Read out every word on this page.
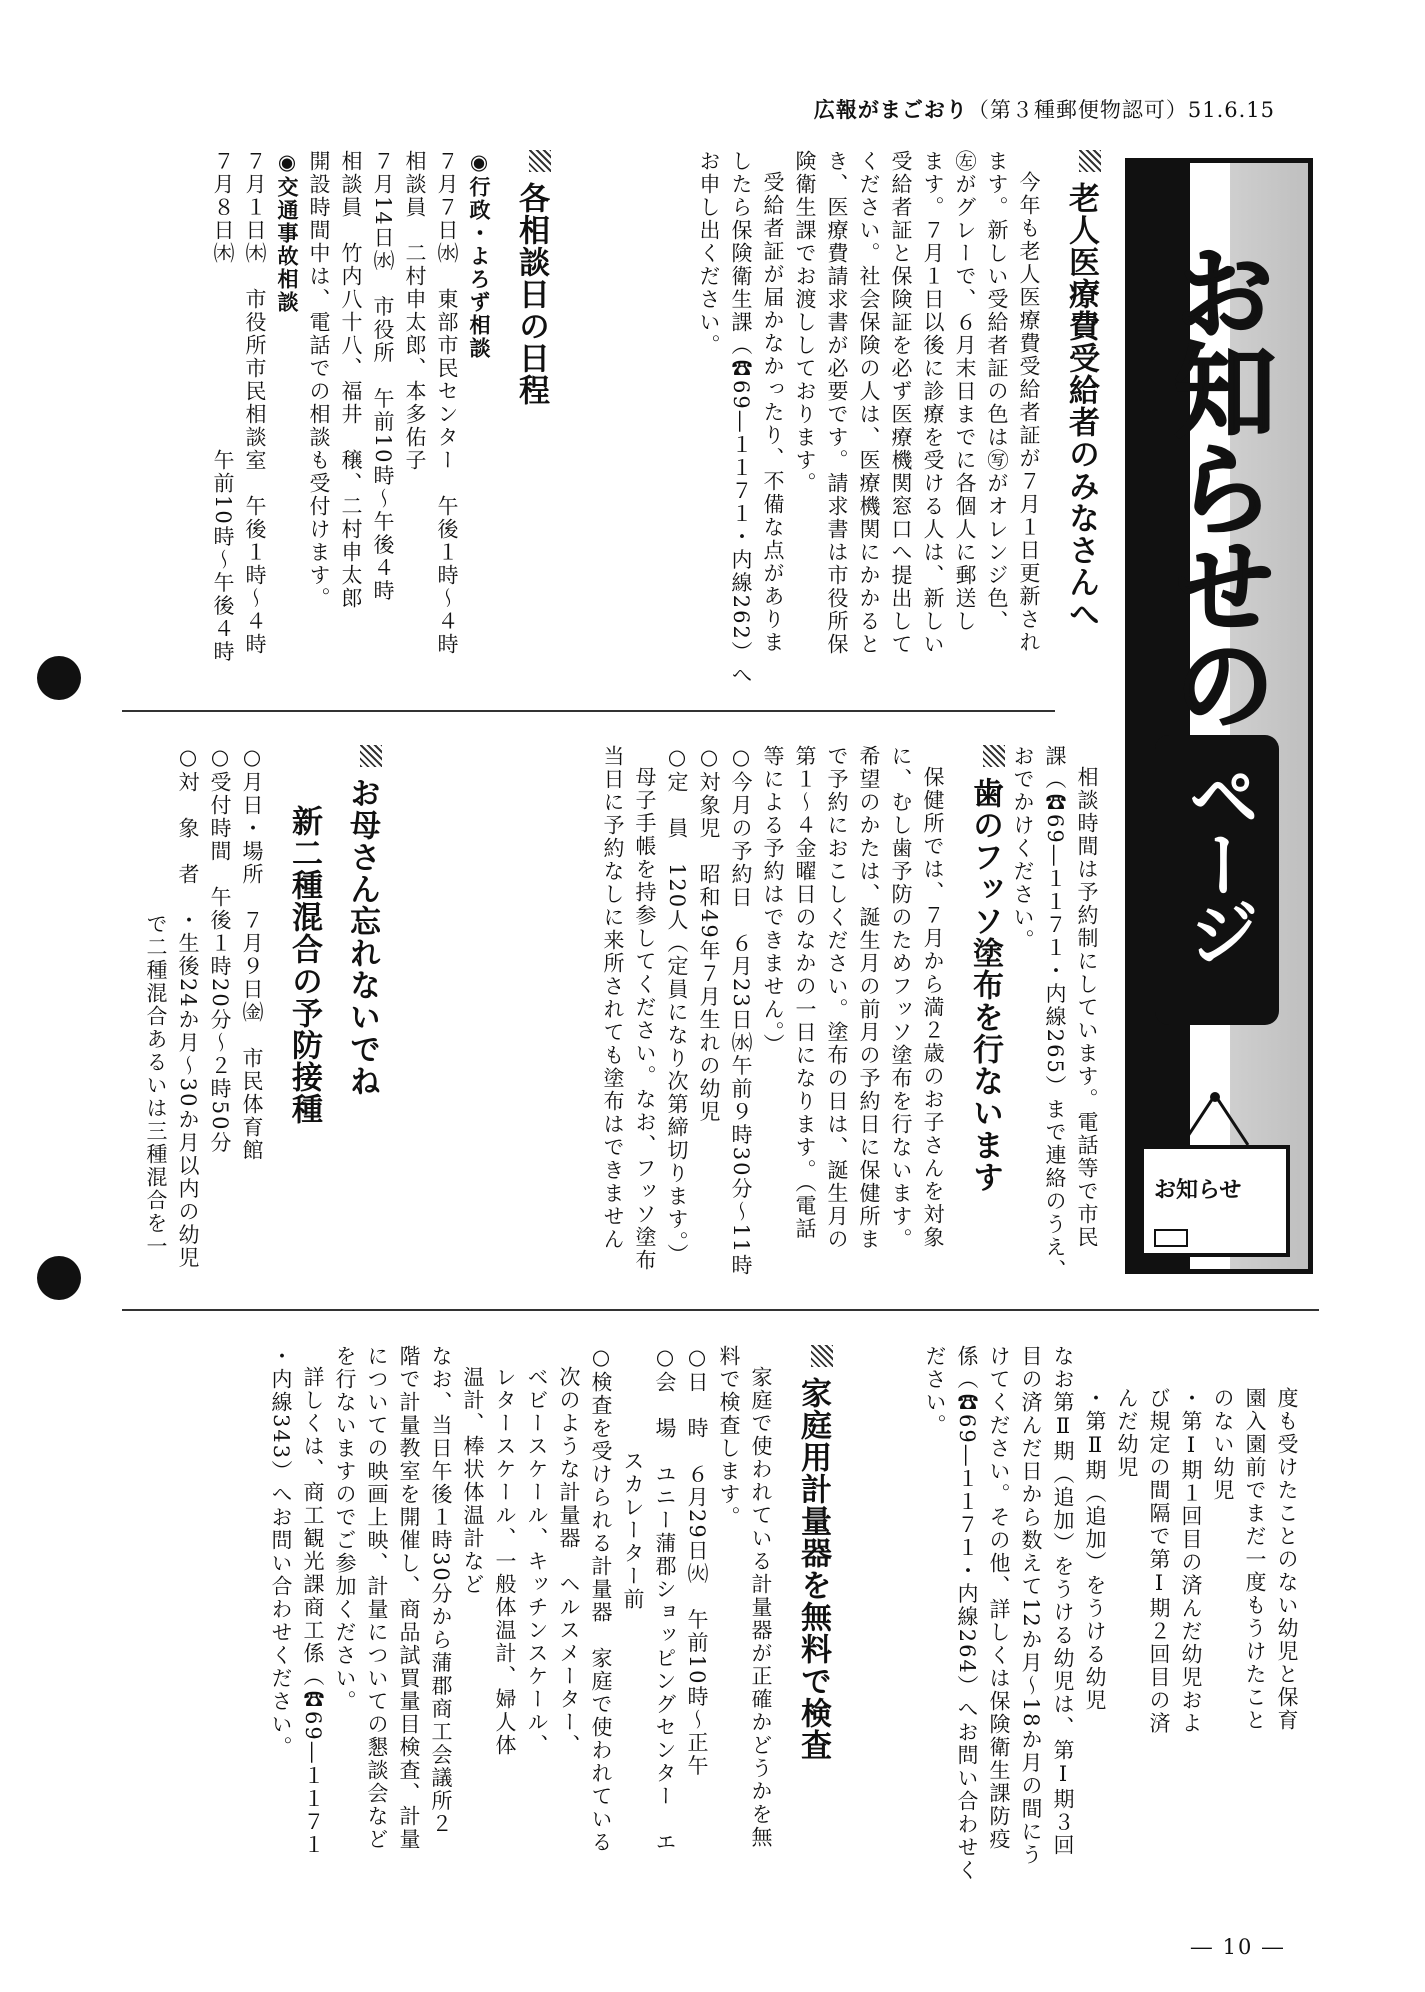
広報がまごおり（第３種郵便物認可）51.6.15
お知らせの
ページ
お知らせ
老人医療費受給者のみなさんへ
今年も老人医療費受給者証が７月１日更新され
ます。新しい受給者証の色は㊢がオレンジ色、
㊧がグレーで、６月末日までに各個人に郵送し
ます。７月１日以後に診療を受ける人は、新しい
受給者証と保険証を必ず医療機関窓口へ提出して
ください。社会保険の人は、医療機関にかかると
き、医療費請求書が必要です。請求書は市役所保
険衛生課でお渡ししております。
受給者証が届かなかったり、不備な点がありま
したら保険衛生課（☎69―１１７１・内線262）へ
お申し出ください。
各相談日の日程
◉行政・よろず相談
７月７日㈬　東部市民センター　午後１時～４時
相談員　二村申太郎、本多佑子
７月14日㈬　市役所　午前10時～午後４時
相談員　竹内八十八、福井　穣、二村申太郎
開設時間中は、電話での相談も受付けます。
◉交通事故相談
７月１日㈭　市役所市民相談室　午後１時～４時
７月８日㈭　　　　　　　　午前10時～午後４時
相談時間は予約制にしています。電話等で市民
課（☎69―１１７１・内線265）まで連絡のうえ、
おでかけください。
歯のフッソ塗布を行ないます
保健所では、７月から満２歳のお子さんを対象
に、むし歯予防のためフッソ塗布を行ないます。
希望のかたは、誕生月の前月の予約日に保健所ま
で予約におこしください。塗布の日は、誕生月の
第１～４金曜日のなかの一日になります。（電話
等による予約はできません。）
○今月の予約日　６月23日㈬午前９時30分～11時
○対象児　昭和49年７月生れの幼児
○定　員　120人（定員になり次第締切ります。）
母子手帳を持参してください。なお、フッソ塗布
当日に予約なしに来所されても塗布はできません
お母さん忘れないでね
新二種混合の予防接種
○月日・場所　７月９日㈮　市民体育館
○受付時間　午後１時20分～２時50分
○対　象　者　・生後24か月～30か月以内の幼児
で二種混合あるいは三種混合を一
度も受けたことのない幼児と保育
園入園前でまだ一度もうけたこと
のない幼児
・第Ⅰ期１回目の済んだ幼児およ
び規定の間隔で第Ⅰ期２回目の済
んだ幼児
・第Ⅱ期（追加）をうける幼児
なお第Ⅱ期（追加）をうける幼児は、第Ⅰ期３回
目の済んだ日から数えて12か月～18か月の間にう
けてください。その他、詳しくは保険衛生課防疫
係（☎69―１１７１・内線264）へお問い合わせく
ださい。
家庭用計量器を無料で検査
家庭で使われている計量器が正確かどうかを無
料で検査します。
○日　時　６月29日㈫　午前10時～正午
○会　場　ユニー蒲郡ショッピングセンター　エ
スカレーター前
○検査を受けられる計量器　家庭で使われている
次のような計量器　ヘルスメーター、
ベビースケール、キッチンスケール、
レタースケール、一般体温計、婦人体
温計、棒状体温計など
なお、当日午後１時30分から蒲郡商工会議所２
階で計量教室を開催し、商品試買量目検査、計量
についての映画上映、計量についての懇談会など
を行ないますのでご参加ください。
詳しくは、商工観光課商工係（☎69―１１７１
・内線343）へお問い合わせください。
― 10 ―
